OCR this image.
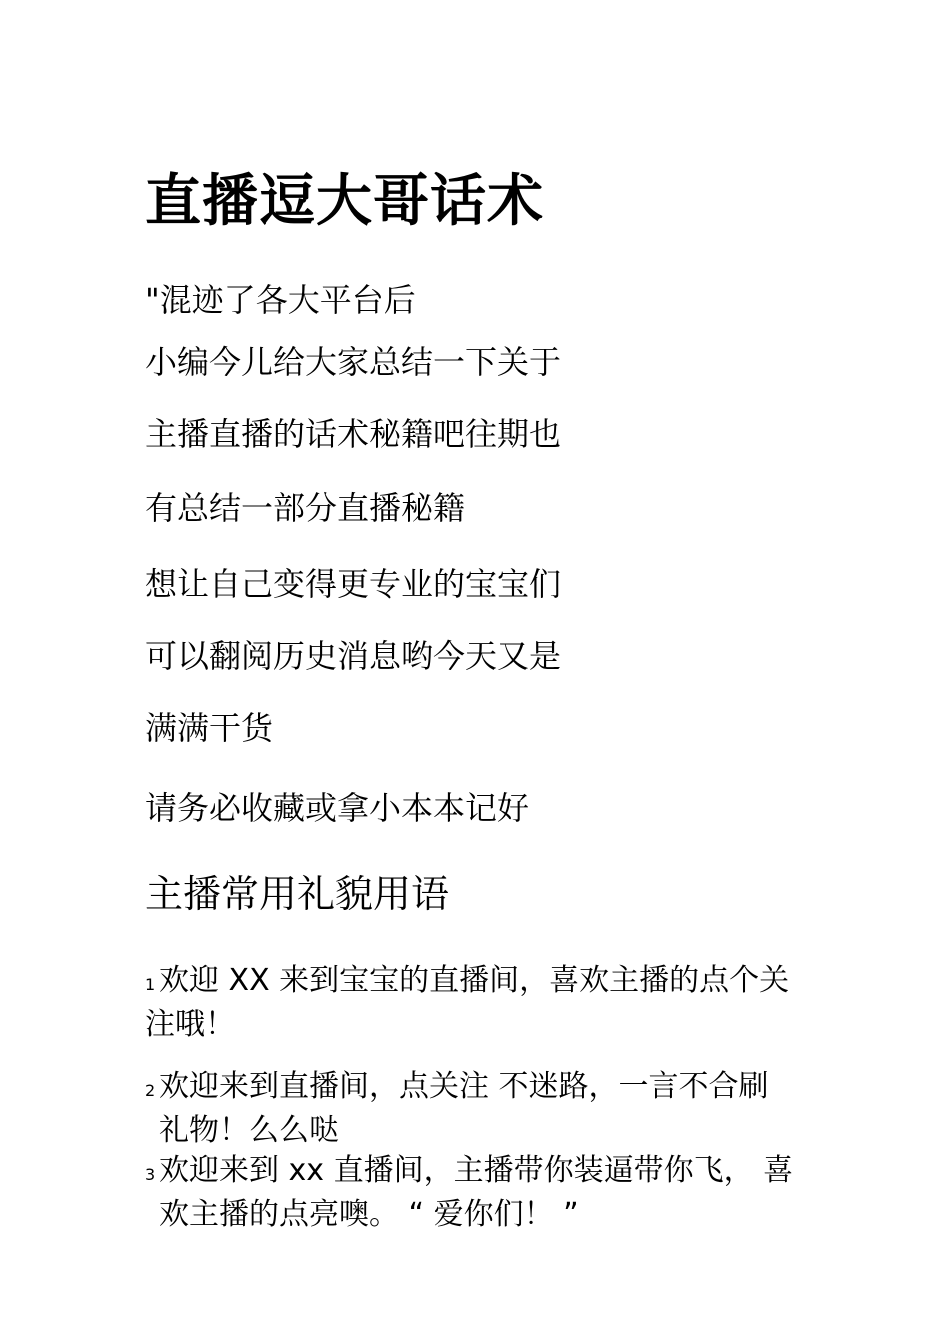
直播逗大哥话术
"混迹了各大平台后
小编今儿给大家总结一下关于
主播直播的话术秘籍吧往期也
有总结一部分直播秘籍
想让自己变得更专业的宝宝们
可以翻阅历史消息哟今天又是
满满干货
请务必收藏或拿小本本记好
主播常用礼貌用语
1 欢迎 XX 来到宝宝的直播间，喜欢主播的点个关
注哦！
2 欢迎来到直播间，点关注 不迷路，一言不合刷
礼物！么么哒
3 欢迎来到 xx 直播间，主播带你装逼带你飞， 喜
欢主播的点亮噢。 “ 爱你们！ ”
